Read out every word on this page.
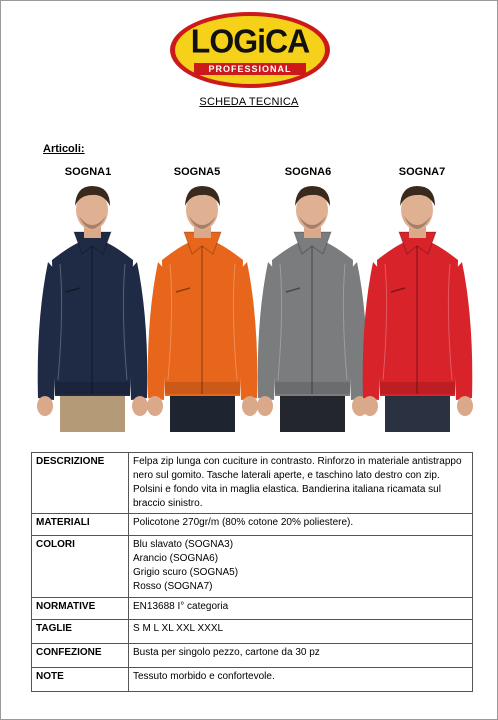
LOGiCA
PROFESSIONAL
SCHEDA TECNICA
Articoli:
SOGNA1	SOGNA5	SOGNA6	SOGNA7
DESCRIZIONE	Felpa zip lunga con cuciture in contrasto. Rinforzo in materiale antistrappo nero sul gomito. Tasche laterali aperte, e taschino lato destro con zip. Polsini e fondo vita in maglia elastica. Bandierina italiana ricamata sul braccio sinistro.
MATERIALI	Policotone 270gr/m (80% cotone 20% poliestere).
COLORI	Blu slavato (SOGNA3)
Arancio (SOGNA6)
Grigio scuro (SOGNA5)
Rosso (SOGNA7)

NORMATIVE	EN13688 I° categoria
TAGLIE	S M L XL XXL XXXL
CONFEZIONE	Busta per singolo pezzo, cartone da 30 pz
NOTE	Tessuto morbido e confortevole.
